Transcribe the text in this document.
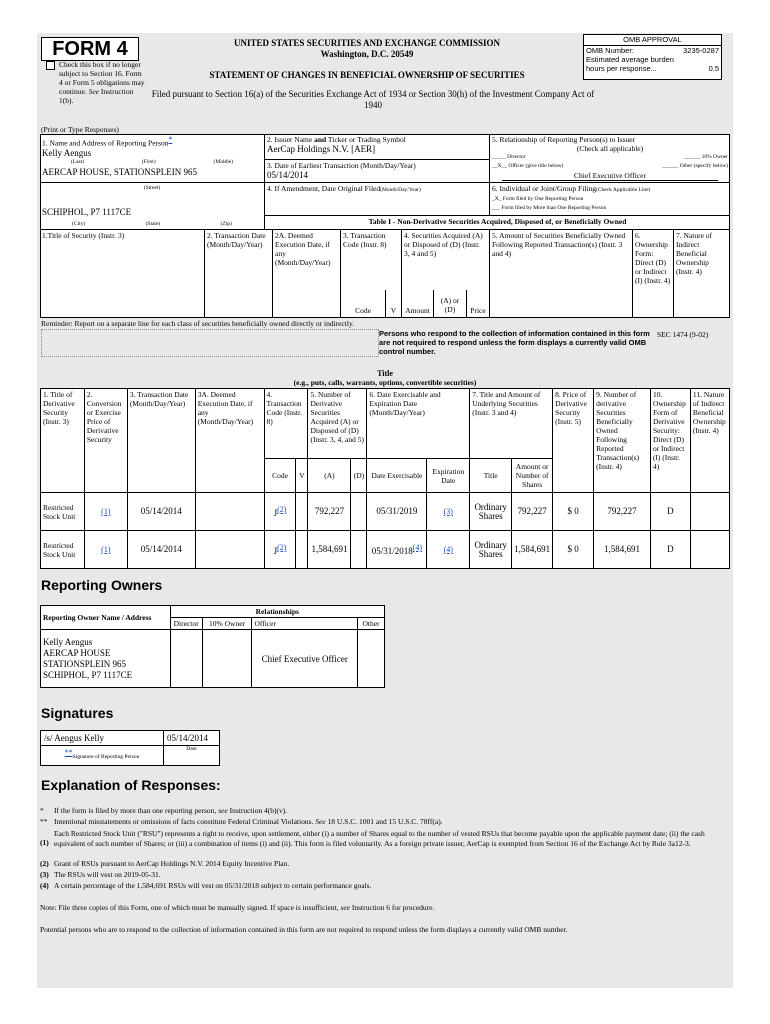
FORM 4
Check this box if no longer subject to Section 16. Form 4 or Form 5 obligations may continue. See Instruction 1(b).
UNITED STATES SECURITIES AND EXCHANGE COMMISSION
Washington, D.C. 20549
STATEMENT OF CHANGES IN BENEFICIAL OWNERSHIP OF SECURITIES
Filed pursuant to Section 16(a) of the Securities Exchange Act of 1934 or Section 30(h) of the Investment Company Act of 1940
(Print or Type Responses)
OMB APPROVAL
OMB Number:	3235-0287
Estimated average burden
hours per response...	0.5
1. Name and Address of Reporting Person*
Kelly Aengus
(Last)	(First)	(Middle)
AERCAP HOUSE, STATIONSPLEIN 965
(Street)
SCHIPHOL, P7 1117CE
(City)	(State)	(Zip)
2. Issuer Name and Ticker or Trading Symbol
AerCap Holdings N.V. [AER]
3. Date of Earliest Transaction (Month/Day/Year)
05/14/2014
4. If Amendment, Date Original Filed(Month/Day/Year)
5. Relationship of Reporting Person(s) to Issuer
(Check all applicable)
_____ Director	______ 10% Owner
__X__ Officer (give title below)	______ Other (specify below)
Chief Executive Officer
6. Individual or Joint/Group Filing(Check Applicable Line)
_X_ Form filed by One Reporting Person
___ Form filed by More than One Reporting Person
Table I - Non-Derivative Securities Acquired, Disposed of, or Beneficially Owned
1.Title of Security (Instr. 3)	2. Transaction Date (Month/Day/Year)
2A. Deemed Execution Date, if any (Month/Day/Year)
3. Transaction Code (Instr. 8)
4. Securities Acquired (A) or Disposed of (D) (Instr. 3, 4 and 5)
5. Amount of Securities Beneficially Owned Following Reported Transaction(s) (Instr. 3 and 4)
6. Ownership Form: Direct (D) or Indirect (I) (Instr. 4)
7. Nature of Indirect Beneficial Ownership (Instr. 4)
Code	V	Amount
(A) or (D)	Price
Reminder: Report on a separate line for each class of securities beneficially owned directly or indirectly.
Persons who respond to the collection of information contained in this form are not required to respond unless the form displays a currently valid OMB control number.
SEC 1474 (9-02)
Title
(e.g., puts, calls, warrants, options, convertible securities)
1. Title of Derivative Security (Instr. 3)	2. Conversion or Exercise Price of Derivative Security	3. Transaction Date (Month/Day/Year)	3A. Deemed Execution Date, if any (Month/Day/Year)	4. Transaction Code (Instr. 8)		5. Number of Derivative Securities Acquired (A) or Disposed of (D) (Instr. 3, 4, and 5)		6. Date Exercisable and Expiration Date (Month/Day/Year)		7. Title and Amount of Underlying Securities (Instr. 3 and 4)		8. Price of Derivative Security (Instr. 5)	9. Number of derivative Securities Beneficially Owned Following Reported Transaction(s) (Instr. 4)	10. Ownership Form of Derivative Security: Direct (D) or Indirect (I) (Instr. 4)	11. Nature of Indirect Beneficial Ownership (Instr. 4)
				Code	V	(A)	(D)	Date Exercisable	Expiration Date	Title	Amount or Number of Shares				
Restricted Stock Unit	(1)	05/14/2014		$J^{(2)}$		792,227		05/31/2019	(3)	Ordinary Shares	792,227	$ 0	792,227	D	
Restricted Stock Unit	(1)	05/14/2014		$J^{(2)}$		1,584,691		05/31/2018$^{(4)}$	(4)	Ordinary Shares	1,584,691	$ 0	1,584,691	D	
Reporting Owners
Reporting Owner Name / Address	Relationships			
	Director	10% Owner	Officer	Other

Kelly Aengus
AERCAP HOUSE
STATIONSPLEIN 965
SCHIPHOL, P7 1117CE			Chief Executive Officer	
Signatures
/s/ Aengus Kelly
**Signature of Reporting Person
05/14/2014
Date
Explanation of Responses:
* If the form is filed by more than one reporting person, see Instruction 4(b)(v).
** Intentional misstatements or omissions of facts constitute Federal Criminal Violations. See 18 U.S.C. 1001 and 15 U.S.C. 78ff(a).
(1)
Each Restricted Stock Unit ("RSU") represents a right to receive, upon settlement, either (i) a number of Shares equal to the number of vested RSUs that become payable upon the applicable payment date; (ii) the cash equivalent of such number of Shares; or (iii) a combination of items (i) and (ii). This form is filed voluntarily. As a foreign private issuer, AerCap is exempted from Section 16 of the Exchange Act by Rule 3a12-3.
(2) Grant of RSUs pursuant to AerCap Holdings N.V. 2014 Equity Incentive Plan.
(3) The RSUs will vest on 2019-05-31.
(4) A certain percentage of the 1,584,691 RSUs will vest on 05/31/2018 subject to certain performance goals.
Note: File three copies of this Form, one of which must be manually signed. If space is insufficient, see Instruction 6 for procedure.
Potential persons who are to respond to the collection of information contained in this form are not required to respond unless the form displays a currently valid OMB number.
